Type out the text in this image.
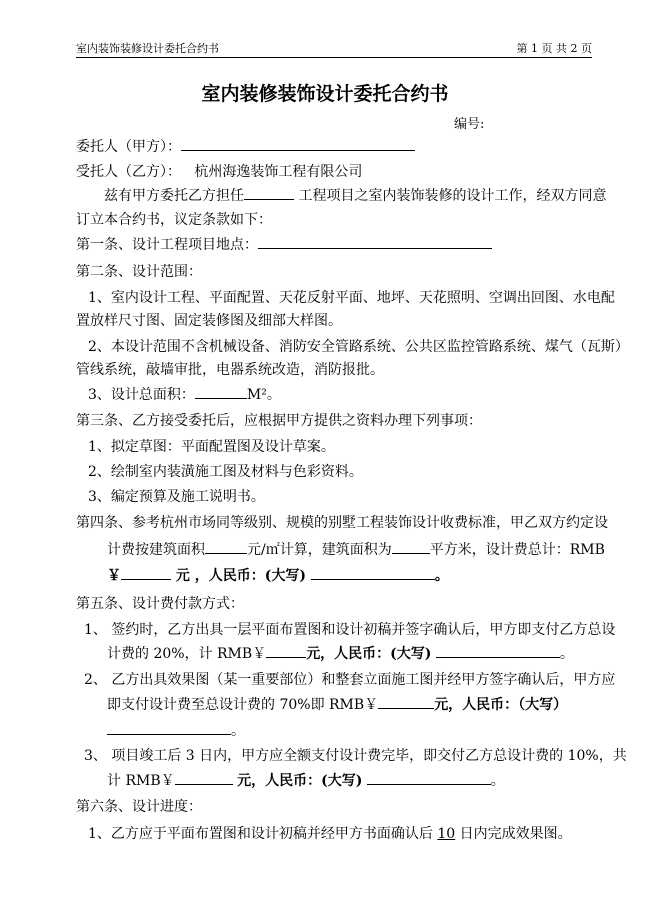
室内装饰装修设计委托合约书	第 1 页 共 2 页
室内装修装饰设计委托合约书
编号:
委托人（甲方）：
受托人（乙方）： 杭州海逸装饰工程有限公司
兹有甲方委托乙方担任	工程项目之室内装饰装修的设计工作，经双方同意
订立本合约书，议定条款如下：
第一条、设计工程项目地点：
第二条、设计范围：
1、室内设计工程、平面配置、天花反射平面、地坪、天花照明、空调出回图、水电配
置放样尺寸图、固定装修图及细部大样图。
2、本设计范围不含机械设备、消防安全管路系统、公共区监控管路系统、煤气（瓦斯）
管线系统，敲墙审批，电器系统改造，消防报批。
3、设计总面积：	M²。
第三条、乙方接受委托后，应根据甲方提供之资料办理下列事项：
1、拟定草图：平面配置图及设计草案。
2、绘制室内装潢施工图及材料与色彩资料。
3、编定预算及施工说明书。
第四条、参考杭州市场同等级别、规模的别墅工程装饰设计收费标准，甲乙双方约定设
计费按建筑面积	元/㎡计算，建筑面积为	平方米，设计费总计：RMB
￥	元 ，人民币：(大写)	。
第五条、设计费付款方式：
1、 签约时，乙方出具一层平面布置图和设计初稿并签字确认后，甲方即支付乙方总设
计费的 20%，计 RMB￥	元，人民币：(大写)	。
2、 乙方出具效果图（某一重要部位）和整套立面施工图并经甲方签字确认后，甲方应
即支付设计费至总设计费的 70%即 RMB￥	元，人民币：（大写）
。
3、 项目竣工后 3 日内，甲方应全额支付设计费完毕，即交付乙方总设计费的 10%，共
计 RMB￥	元，人民币：(大写)	。
第六条、设计进度：
1、乙方应于平面布置图和设计初稿并经甲方书面确认后 10 日内完成效果图。
